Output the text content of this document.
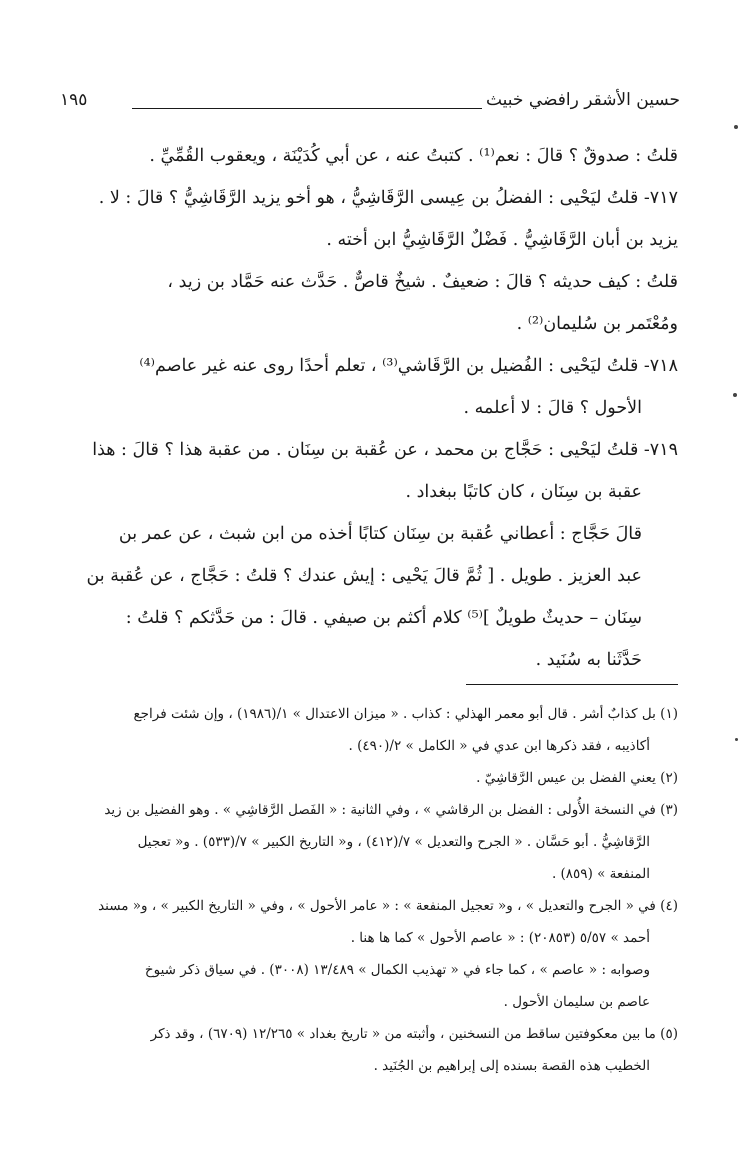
حسين الأشقر رافضي خبيث
١٩٥
قلتُ : صدوقٌ ؟ قالَ : نعم⁽¹⁾ . كتبتُ عنه ، عن أبي كُدَيْنَة ، ويعقوب القُمِّيِّ .
٧١٧- قلتُ ليَحْيى : الفضلُ بن عِيسى الرَّقَاشِيُّ ، هو أخو يزيد الرَّقَاشِيُّ ؟ قالَ : لا .
يزيد بن أبان الرَّقَاشِيُّ . فَضْلٌ الرَّقَاشِيُّ ابن أخته .
قلتُ : كيف حديثه ؟ قالَ : ضعيفٌ . شيخٌ قاصٌّ . حَدَّث عنه حَمَّاد بن زيد ،
ومُعْتَمر بن سُليمان⁽²⁾ .
٧١٨- قلتُ ليَحْيى : الفُضيل بن الرَّقَاشي⁽³⁾ ، تعلم أحدًا روى عنه غير عاصم⁽⁴⁾
الأحول ؟ قالَ : لا أعلمه .
٧١٩- قلتُ ليَحْيى : حَجَّاج بن محمد ، عن عُقبة بن سِنَان . من عقبة هذا ؟ قالَ : هذا
عقبة بن سِنَان ، كان كاتبًا ببغداد .
قالَ حَجَّاج : أعطاني عُقبة بن سِنَان كتابًا أخذه من ابن شبث ، عن عمر بن
عبد العزيز . طويل . [ ثُمَّ قالَ يَحْيى : إيش عندك ؟ قلتُ : حَجَّاج ، عن عُقبة بن
سِنَان – حديثٌ طويلٌ ]⁽⁵⁾ كلام أكثم بن صيفي . قالَ : من حَدَّثكم ؟ قلتُ :
حَدَّثَنا به سُنَيد .
(١) بل كذابٌ أشر . قال أبو معمر الهذلي : كذاب . « ميزان الاعتدال » ١/(١٩٨٦) ، وإن شئت فراجع
أكاذيبه ، فقد ذكرها ابن عدي في « الكامل » ٢/(٤٩٠) .
(٢) يعني الفضل بن عيس الرَّقاشِيّ .
(٣) في النسخة الأُولى : الفضل بن الرقاشي » ، وفي الثانية : « الفَصل الرَّقاشِي » . وهو الفضيل بن زيد
الرَّقاشِيُّ . أبو حَسَّان . « الجرح والتعديل » ٧/(٤١٢) ، و« التاريخ الكبير » ٧/(٥٣٣) . و« تعجيل
المنفعة » (٨٥٩) .
(٤) في « الجرح والتعديل » ، و« تعجيل المنفعة » : « عامر الأحول » ، وفي « التاريخ الكبير » ، و« مسند
أحمد » ٥/٥٧ (٢٠٨٥٣) : « عاصم الأحول » كما ها هنا .
وصوابه : « عاصم » ، كما جاء في « تهذيب الكمال » ١٣/٤٨٩ (٣٠٠٨) . في سياق ذكر شيوخ
عاصم بن سليمان الأحول .
(٥) ما بين معكوفتين ساقط من النسخنين ، وأثبته من « تاريخ بغداد » ١٢/٢٦٥ (٦٧٠٩) ، وقد ذكر
الخطيب هذه القصة بسنده إلى إبراهيم بن الجُنَيد .
